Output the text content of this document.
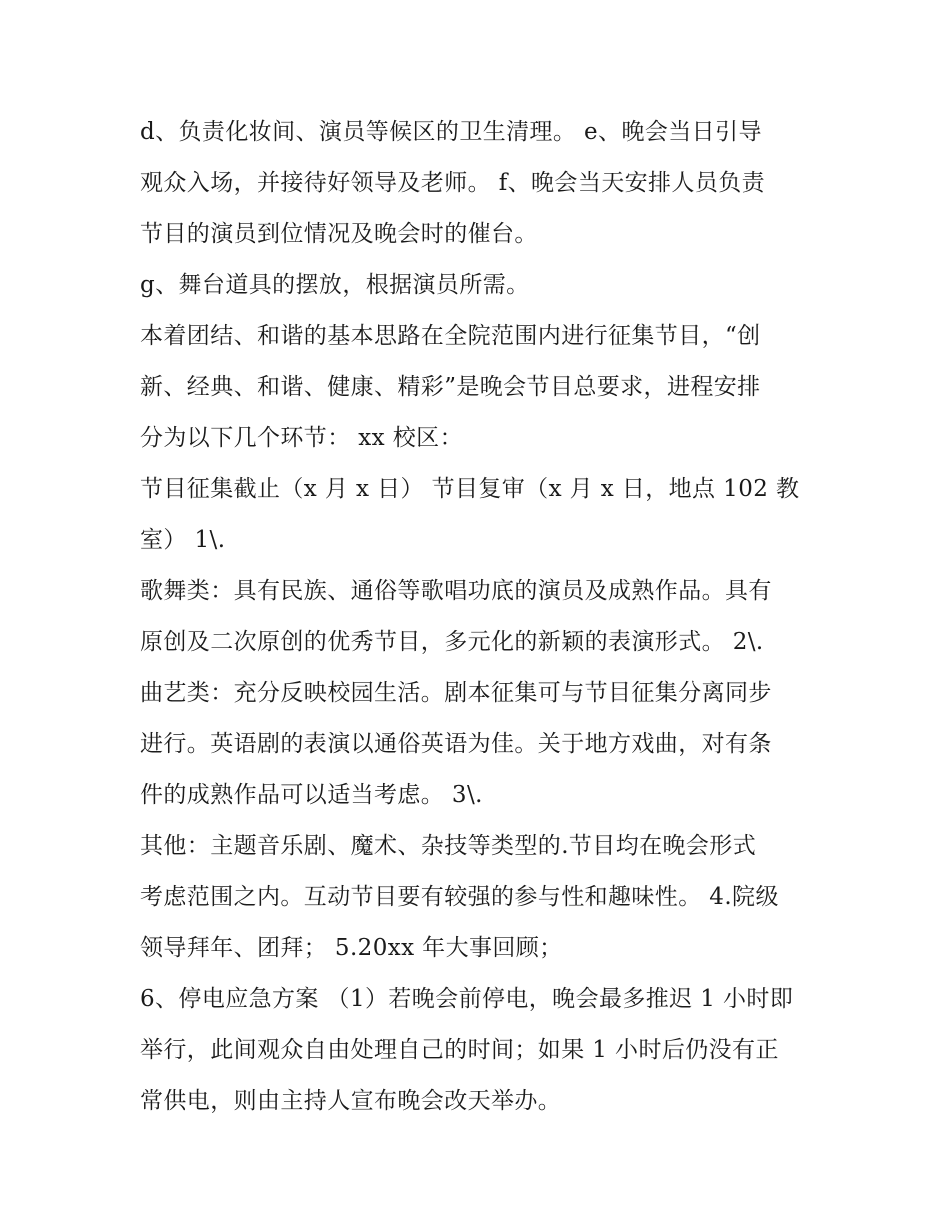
d、负责化妆间、演员等候区的卫生清理。 e、晚会当日引导
观众入场，并接待好领导及老师。 f、晚会当天安排人员负责
节目的演员到位情况及晚会时的催台。
g、舞台道具的摆放，根据演员所需。
本着团结、和谐的基本思路在全院范围内进行征集节目，“创
新、经典、和谐、健康、精彩”是晚会节目总要求，进程安排
分为以下几个环节： xx 校区：
节目征集截止（x 月 x 日） 节目复审（x 月 x 日，地点 102 教
室） 1\.
歌舞类：具有民族、通俗等歌唱功底的演员及成熟作品。具有
原创及二次原创的优秀节目，多元化的新颖的表演形式。 2\.
曲艺类：充分反映校园生活。剧本征集可与节目征集分离同步
进行。英语剧的表演以通俗英语为佳。关于地方戏曲，对有条
件的成熟作品可以适当考虑。 3\.
其他：主题音乐剧、魔术、杂技等类型的.节目均在晚会形式
考虑范围之内。互动节目要有较强的参与性和趣味性。 4.院级
领导拜年、团拜； 5.20xx 年大事回顾；
6、停电应急方案 （1）若晚会前停电，晚会最多推迟 1 小时即
举行，此间观众自由处理自己的时间；如果 1 小时后仍没有正
常供电，则由主持人宣布晚会改天举办。
